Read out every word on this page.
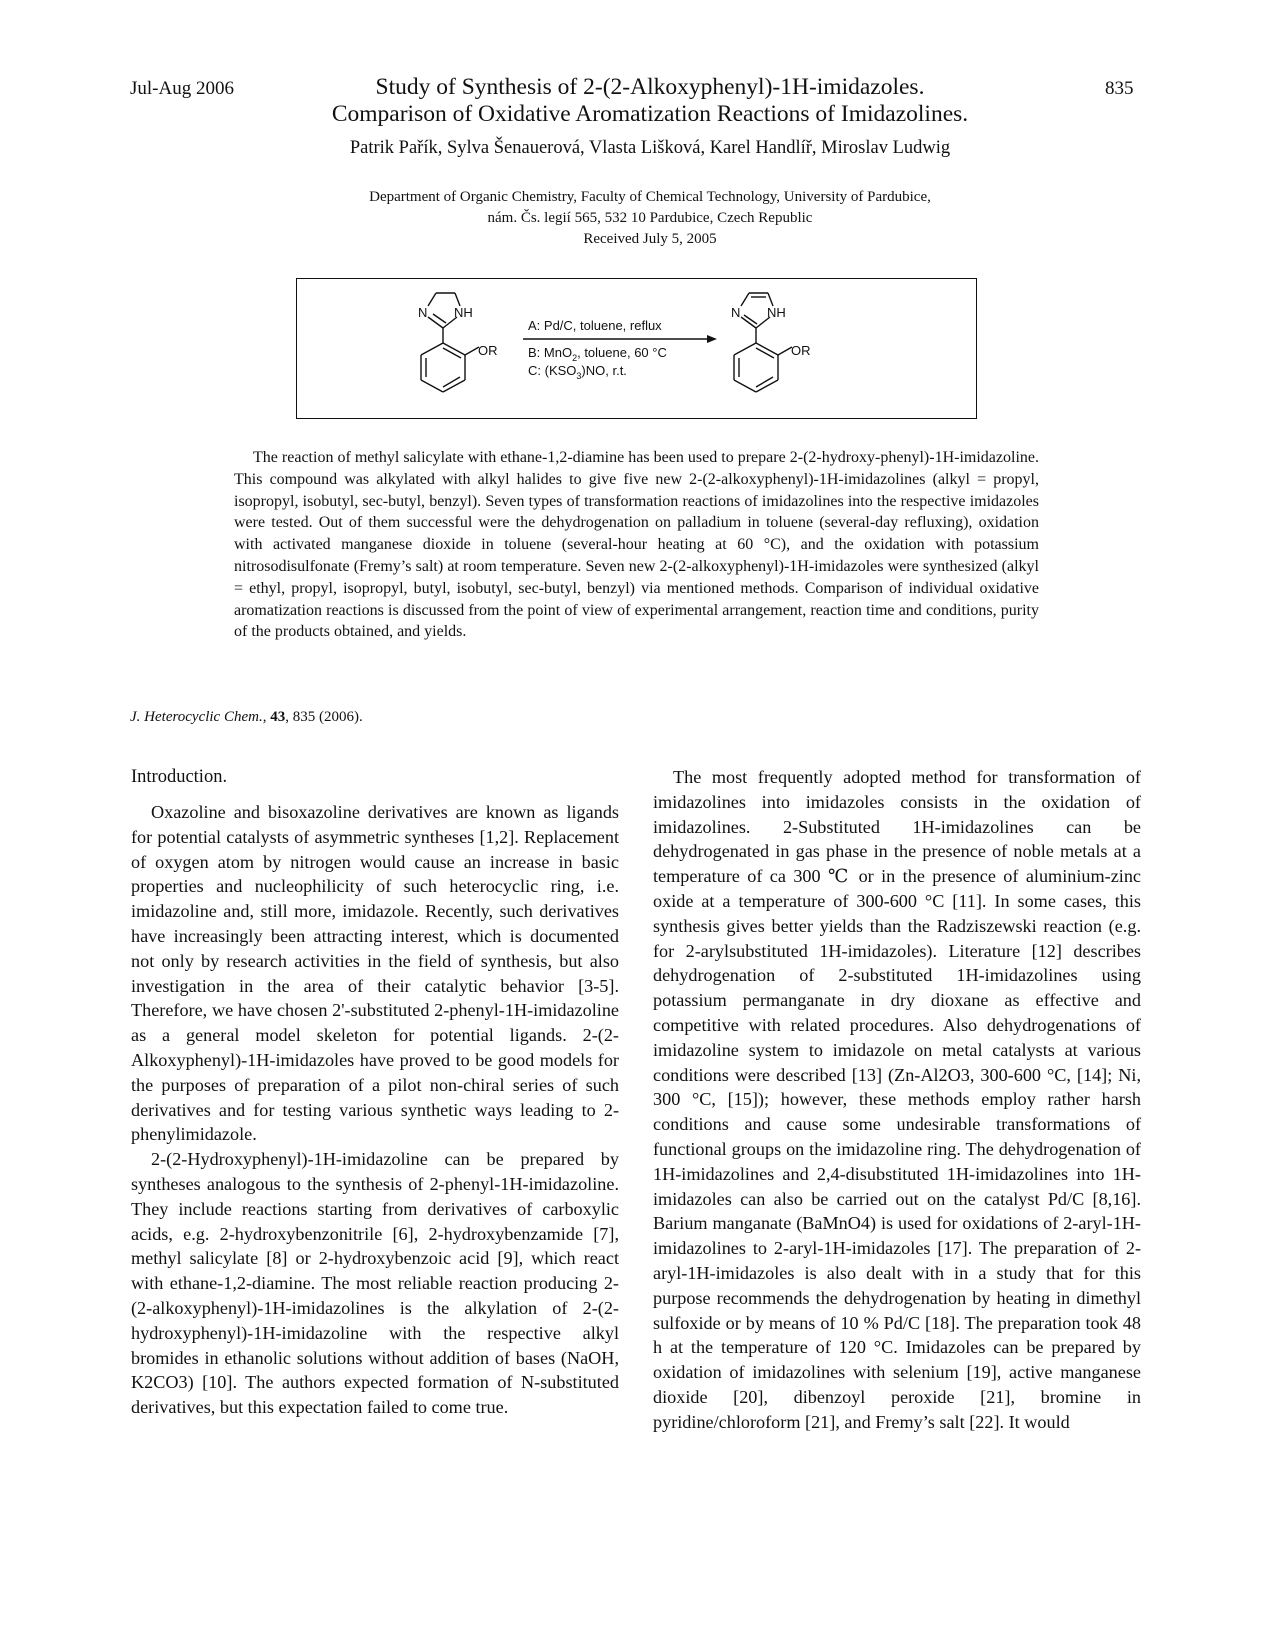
Jul-Aug 2006	835
Study of Synthesis of 2-(2-Alkoxyphenyl)-1H-imidazoles.
Comparison of Oxidative Aromatization Reactions of Imidazolines.
Patrik Pařík, Sylva Šenauerová, Vlasta Lišková, Karel Handlíř, Miroslav Ludwig
Department of Organic Chemistry, Faculty of Chemical Technology, University of Pardubice,
nám. Čs. legií 565, 532 10 Pardubice, Czech Republic
Received July 5, 2005
N NH
OR
A: Pd/C, toluene, reflux
B: MnO$_2$, toluene, 60 °C
C: $(KSO_3)NO$, r.t.
N NH
OR

The reaction of methyl salicylate with ethane-1,2-diamine has been used to prepare 2-(2-hydroxy-phenyl)-1H-imidazoline. This compound was alkylated with alkyl halides to give five new 2-(2-alkoxyphenyl)-1H-imidazolines (alkyl = propyl, isopropyl, isobutyl, sec-butyl, benzyl). Seven types of transformation reactions of imidazolines into the respective imidazoles were tested. Out of them successful were the dehydrogenation on palladium in toluene (several-day refluxing), oxidation with activated manganese dioxide in toluene (several-hour heating at 60 °C), and the oxidation with potassium nitrosodisulfonate (Fremy’s salt) at room temperature. Seven new 2-(2-alkoxyphenyl)-1H-imidazoles were synthesized (alkyl = ethyl, propyl, isopropyl, butyl, isobutyl, sec-butyl, benzyl) via mentioned methods. Comparison of individual oxidative aromatization reactions is discussed from the point of view of experimental arrangement, reaction time and conditions, purity of the products obtained, and yields.

J. Heterocyclic Chem., 43, 835 (2006).
Introduction.

Oxazoline and bisoxazoline derivatives are known as ligands for potential catalysts of asymmetric syntheses [1,2]. Replacement of oxygen atom by nitrogen would cause an increase in basic properties and nucleophilicity of such heterocyclic ring, i.e. imidazoline and, still more, imidazole. Recently, such derivatives have increasingly been attracting interest, which is documented not only by research activities in the field of synthesis, but also investigation in the area of their catalytic behavior [3-5]. Therefore, we have chosen 2'-substituted 2-phenyl-1H-imidazoline as a general model skeleton for potential ligands. 2-(2-Alkoxyphenyl)-1H-imidazoles have proved to be good models for the purposes of preparation of a pilot non-chiral series of such derivatives and for testing various synthetic ways leading to 2-phenylimidazole.

2-(2-Hydroxyphenyl)-1H-imidazoline can be prepared by syntheses analogous to the synthesis of 2-phenyl-1H-imidazoline. They include reactions starting from derivatives of carboxylic acids, e.g. 2-hydroxybenzonitrile [6], 2-hydroxybenzamide [7], methyl salicylate [8] or 2-hydroxybenzoic acid [9], which react with ethane-1,2-diamine. The most reliable reaction producing 2-(2-alkoxyphenyl)-1H-imidazolines is the alkylation of 2-(2-hydroxyphenyl)-1H-imidazoline with the respective alkyl bromides in ethanolic solutions without addition of bases (NaOH, K2CO3) [10]. The authors expected formation of N-substituted derivatives, but this expectation failed to come true.

The most frequently adopted method for transformation of imidazolines into imidazoles consists in the oxidation of imidazolines. 2-Substituted 1H-imidazolines can be dehydrogenated in gas phase in the presence of noble metals at a temperature of ca 300 ℃ or in the presence of aluminium-zinc oxide at a temperature of 300-600 °C [11]. In some cases, this synthesis gives better yields than the Radziszewski reaction (e.g. for 2-arylsubstituted 1H-imidazoles). Literature [12] describes dehydrogenation of 2-substituted 1H-imidazolines using potassium permanganate in dry dioxane as effective and competitive with related procedures. Also dehydrogenations of imidazoline system to imidazole on metal catalysts at various conditions were described [13] (Zn-Al2O3, 300-600 °C, [14]; Ni, 300 °C, [15]); however, these methods employ rather harsh conditions and cause some undesirable transformations of functional groups on the imidazoline ring. The dehydrogenation of 1H-imidazolines and 2,4-disubstituted 1H-imidazolines into 1H-imidazoles can also be carried out on the catalyst Pd/C [8,16]. Barium manganate (BaMnO4) is used for oxidations of 2-aryl-1H-imidazolines to 2-aryl-1H-imidazoles [17]. The preparation of 2-aryl-1H-imidazoles is also dealt with in a study that for this purpose recommends the dehydrogenation by heating in dimethyl sulfoxide or by means of 10 % Pd/C [18]. The preparation took 48 h at the temperature of 120 °C. Imidazoles can be prepared by oxidation of imidazolines with selenium [19], active manganese dioxide [20], dibenzoyl peroxide [21], bromine in pyridine/chloroform [21], and Fremy’s salt [22]. It would
